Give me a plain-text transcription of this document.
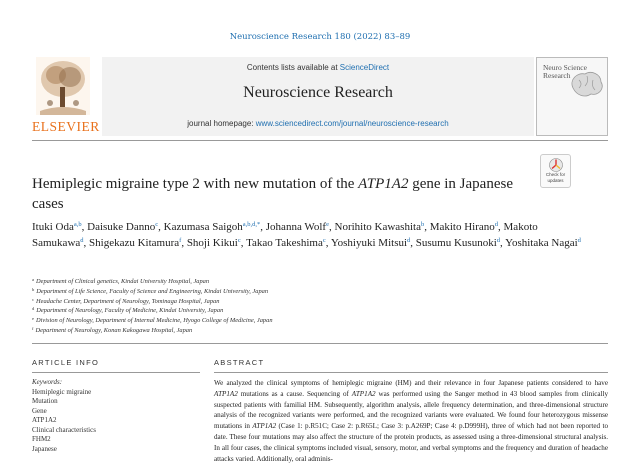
Neuroscience Research 180 (2022) 83–89
ELSEVIER
Contents lists available at ScienceDirect
Neuroscience Research
journal homepage: www.sciencedirect.com/journal/neuroscience-research
Neuro Science Research
Check for
updates
Hemiplegic migraine type 2 with new mutation of the ATP1A2 gene in Japanese cases
Ituki Oda$^{a,b}$, Daisuke Danno$^c$, Kazumasa Saigoh$^{a,b,d,*}$, Johanna Wolf$^e$, Norihito Kawashita$^b$, Makito Hirano$^d$, Makoto Samukawa$^d$, Shigekazu Kitamura$^f$, Shoji Kikui$^c$, Takao Takeshima$^c$, Yoshiyuki Mitsui$^d$, Susumu Kusunoki$^d$, Yoshitaka Nagai$^d$
$^a$ Department of Clinical genetics, Kindai University Hospital, Japan
$^b$ Department of Life Science, Faculty of Science and Engineering, Kindai University, Japan
$^c$ Headache Center, Department of Neurology, Tominaga Hospital, Japan
$^d$ Department of Neurology, Faculty of Medicine, Kindai University, Japan
$^e$ Division of Neurology, Department of Internal Medicine, Hyogo College of Medicine, Japan
$^f$ Department of Neurology, Konan Kakogawa Hospital, Japan
ARTICLE INFO	ABSTRACT
Keywords:
Hemiplegic migraine
Mutation
Gene
ATP1A2
Clinical characteristics
FHM2
Japanese

We analyzed the clinical symptoms of hemiplegic migraine (HM) and their relevance in four Japanese patients considered to have ATP1A2 mutations as a cause. Sequencing of ATP1A2 was performed using the Sanger method in 43 blood samples from clinically suspected patients with familial HM. Subsequently, algorithm analysis, allele frequency determination, and three-dimensional structure analysis of the recognized variants were performed, and the recognized variants were evaluated. We found four heterozygous missense mutations in ATP1A2 (Case 1: p.R51C; Case 2: p.R65L; Case 3: p.A269P; Case 4: p.D999H), three of which had not been reported to date. These four mutations may also affect the structure of the protein products, as assessed using a three-dimensional structural analysis. In all four cases, the clinical symptoms included visual, sensory, motor, and verbal symptoms and the frequency and duration of headache attacks varied. Additionally, oral adminis-
